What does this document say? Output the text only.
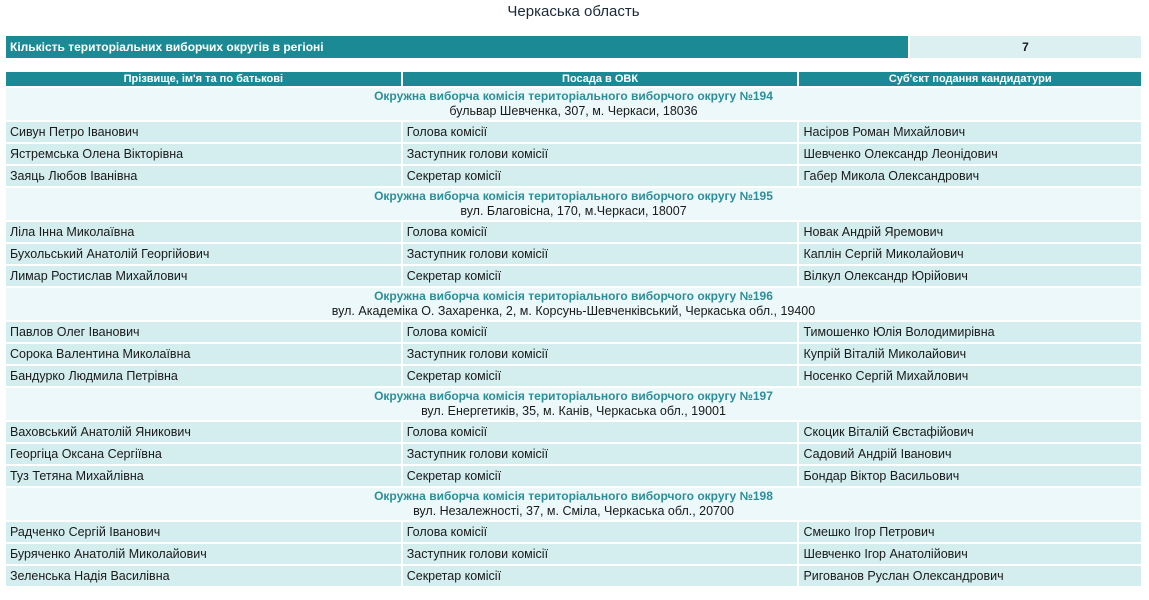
Черкаська область
Кількість територіальних виборчих округів в регіоні	7
Прізвище, ім'я та по батькові	Посада в ОВК	Суб'єкт подання кандидатури

Окружна виборча комісія територіального виборчого округу №194
бульвар Шевченка, 307, м. Черкаси, 18036		

Сивун Петро Іванович	Голова комісії	Насіров Роман Михайлович
Ястремська Олена Вікторівна	Заступник голови комісії	Шевченко Олександр Леонідович
Заяць Любов Іванівна	Секретар комісії	Габер Микола Олександрович

Окружна виборча комісія територіального виборчого округу №195
вул. Благовісна, 170, м.Черкаси, 18007		

Ліла Інна Миколаївна	Голова комісії	Новак Андрій Яремович
Бухольський Анатолій Георгійович	Заступник голови комісії	Каплін Сергій Миколайович
Лимар Ростислав Михайлович	Секретар комісії	Вілкул Олександр Юрійович

Окружна виборча комісія територіального виборчого округу №196
вул. Академіка О. Захаренка, 2, м. Корсунь-Шевченківський, Черкаська обл., 19400		

Павлов Олег Іванович	Голова комісії	Тимошенко Юлія Володимирівна
Сорока Валентина Миколаївна	Заступник голови комісії	Купрій Віталій Миколайович
Бандурко Людмила Петрівна	Секретар комісії	Носенко Сергій Михайлович

Окружна виборча комісія територіального виборчого округу №197
вул. Енергетиків, 35, м. Канів, Черкаська обл., 19001		

Ваховський Анатолій Яникович	Голова комісії	Скоцик Віталій Євстафійович
Георгіца Оксана Сергіївна	Заступник голови комісії	Садовий Андрій Іванович
Туз Тетяна Михайлівна	Секретар комісії	Бондар Віктор Васильович

Окружна виборча комісія територіального виборчого округу №198
вул. Незалежності, 37, м. Сміла, Черкаська обл., 20700		

Радченко Сергій Іванович	Голова комісії	Смешко Ігор Петрович
Буряченко Анатолій Миколайович	Заступник голови комісії	Шевченко Ігор Анатолійович
Зеленська Надія Василівна	Секретар комісії	Ригованов Руслан Олександрович
